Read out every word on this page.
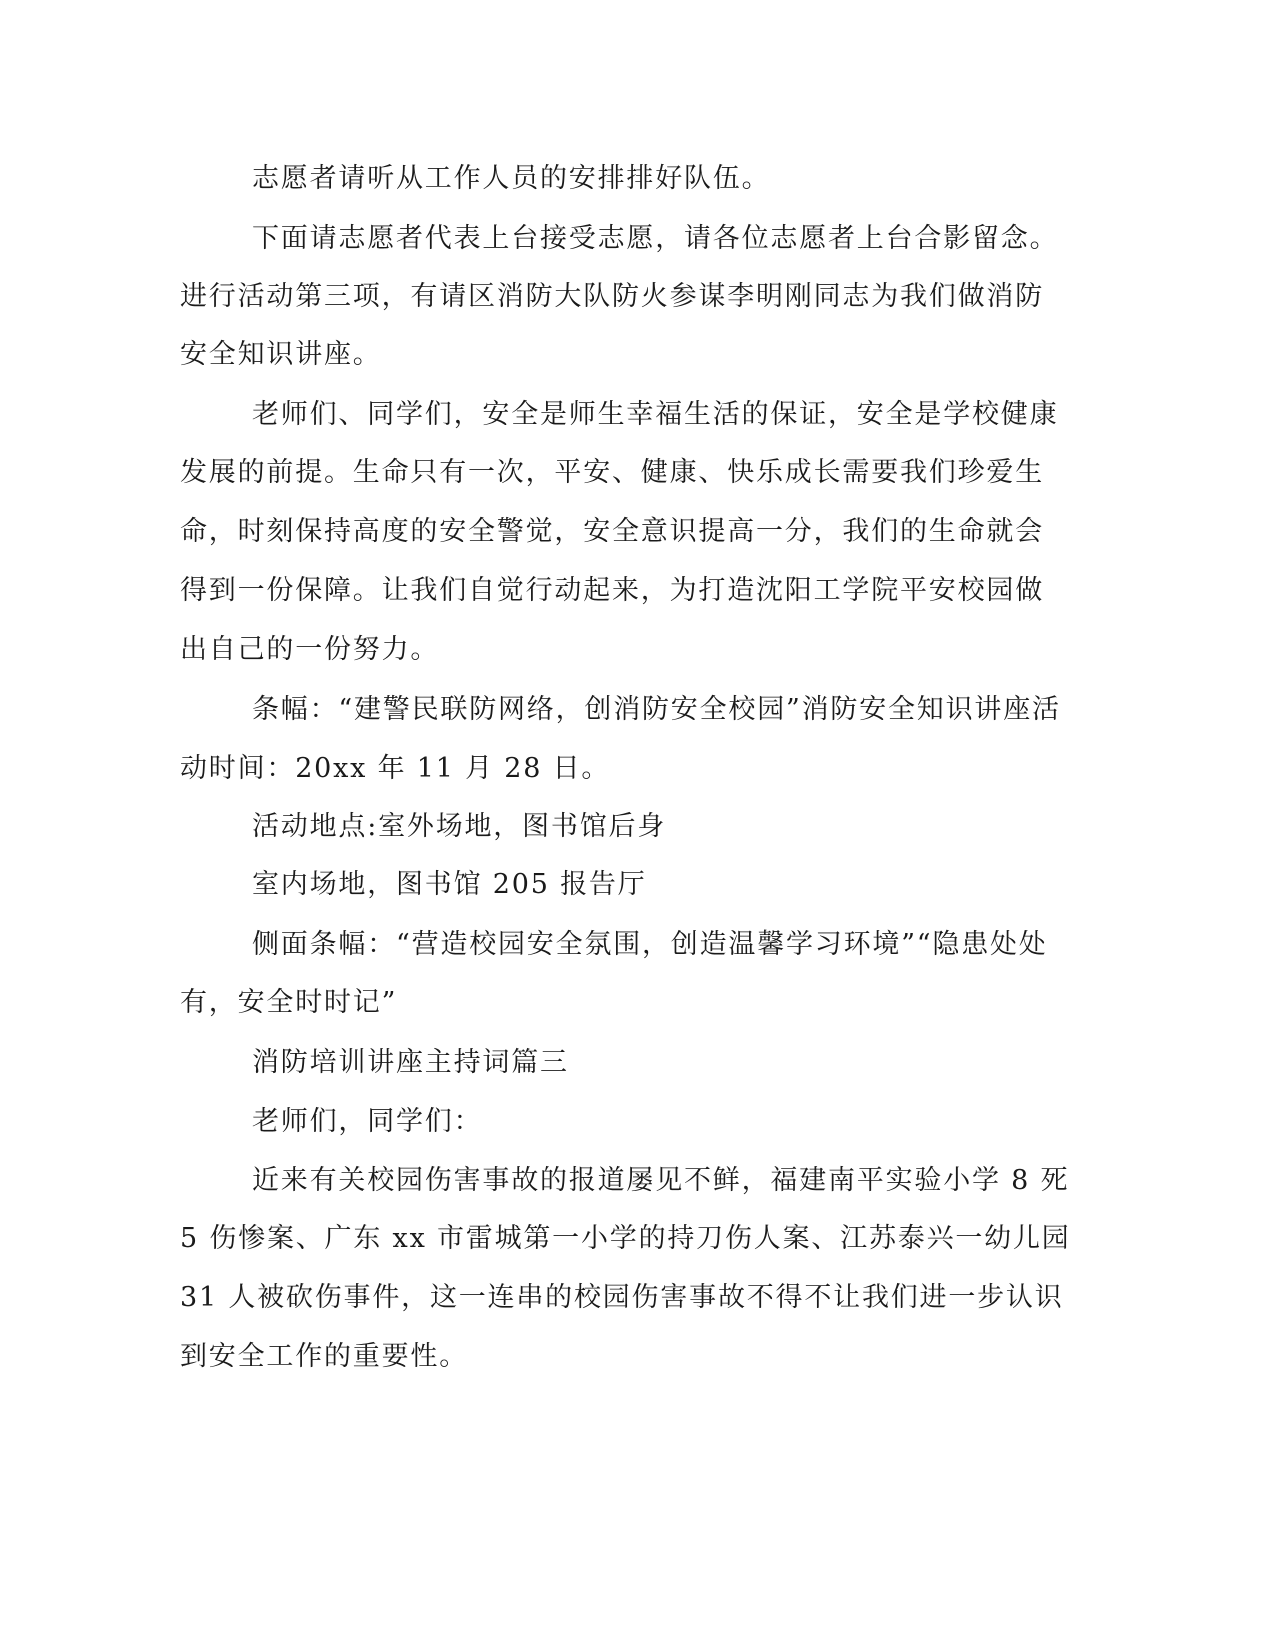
志愿者请听从工作人员的安排排好队伍。
下面请志愿者代表上台接受志愿，请各位志愿者上台合影留念。
进行活动第三项，有请区消防大队防火参谋李明刚同志为我们做消防
安全知识讲座。
老师们、同学们，安全是师生幸福生活的保证，安全是学校健康
发展的前提。生命只有一次，平安、健康、快乐成长需要我们珍爱生
命，时刻保持高度的安全警觉，安全意识提高一分，我们的生命就会
得到一份保障。让我们自觉行动起来，为打造沈阳工学院平安校园做
出自己的一份努力。
条幅：“建警民联防网络，创消防安全校园”消防安全知识讲座活
动时间：20xx 年 11 月 28 日。
活动地点:室外场地，图书馆后身
室内场地，图书馆 205 报告厅
侧面条幅：“营造校园安全氛围，创造温馨学习环境”“隐患处处
有，安全时时记”
消防培训讲座主持词篇三
老师们，同学们：
近来有关校园伤害事故的报道屡见不鲜，福建南平实验小学 8 死
5 伤惨案、广东 xx 市雷城第一小学的持刀伤人案、江苏泰兴一幼儿园
31 人被砍伤事件，这一连串的校园伤害事故不得不让我们进一步认识
到安全工作的重要性。
